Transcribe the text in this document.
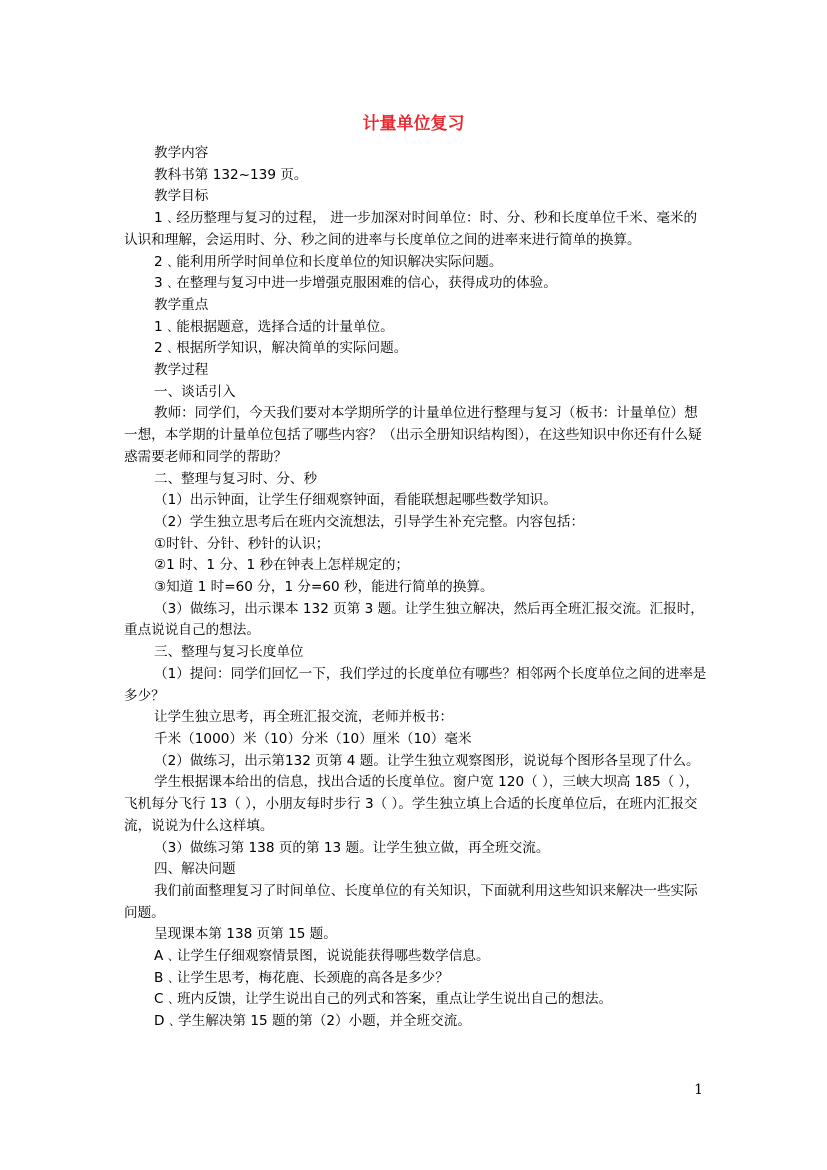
计量单位复习

教学内容

教科书第 132~139 页。

教学目标

1﹑经历整理与复习的过程， 进一步加深对时间单位：时、分、秒和长度单位千米、毫米的认识和理解，会运用时、分、秒之间的进率与长度单位之间的进率来进行简单的换算。

2﹑能利用所学时间单位和长度单位的知识解决实际问题。

3﹑在整理与复习中进一步增强克服困难的信心，获得成功的体验。

教学重点

1﹑能根据题意，选择合适的计量单位。

2﹑根据所学知识，解决简单的实际问题。

教学过程

一、谈话引入

教师：同学们，今天我们要对本学期所学的计量单位进行整理与复习（板书：计量单位）想一想，本学期的计量单位包括了哪些内容？（出示全册知识结构图），在这些知识中你还有什么疑惑需要老师和同学的帮助？

二、整理与复习时、分、秒

（1）出示钟面，让学生仔细观察钟面，看能联想起哪些数学知识。

（2）学生独立思考后在班内交流想法，引导学生补充完整。内容包括：

①时针、分针、秒针的认识；

②1 时、1 分、1 秒在钟表上怎样规定的；

③知道 1 时=60 分，1 分=60 秒，能进行简单的换算。

（3）做练习，出示课本 132 页第 3 题。让学生独立解决，然后再全班汇报交流。汇报时，重点说说自己的想法。

三、整理与复习长度单位

（1）提问：同学们回忆一下，我们学过的长度单位有哪些？相邻两个长度单位之间的进率是多少？

让学生独立思考，再全班汇报交流，老师并板书：

千米（1000）米（10）分米（10）厘米（10）毫米

（2）做练习，出示第132 页第 4 题。让学生独立观察图形，说说每个图形各呈现了什么。

学生根据课本给出的信息，找出合适的长度单位。窗户宽 120（ ），三峡大坝高 185（ ），飞机每分飞行 13（ ），小朋友每时步行 3（ ）。学生独立填上合适的长度单位后，在班内汇报交流，说说为什么这样填。

（3）做练习第 138 页的第 13 题。让学生独立做，再全班交流。

四、解决问题

我们前面整理复习了时间单位、长度单位的有关知识，下面就利用这些知识来解决一些实际问题。

呈现课本第 138 页第 15 题。

A﹑让学生仔细观察情景图，说说能获得哪些数学信息。

B﹑让学生思考，梅花鹿、长颈鹿的高各是多少？

C﹑班内反馈，让学生说出自己的列式和答案，重点让学生说出自己的想法。

D﹑学生解决第 15 题的第（2）小题，并全班交流。

1
